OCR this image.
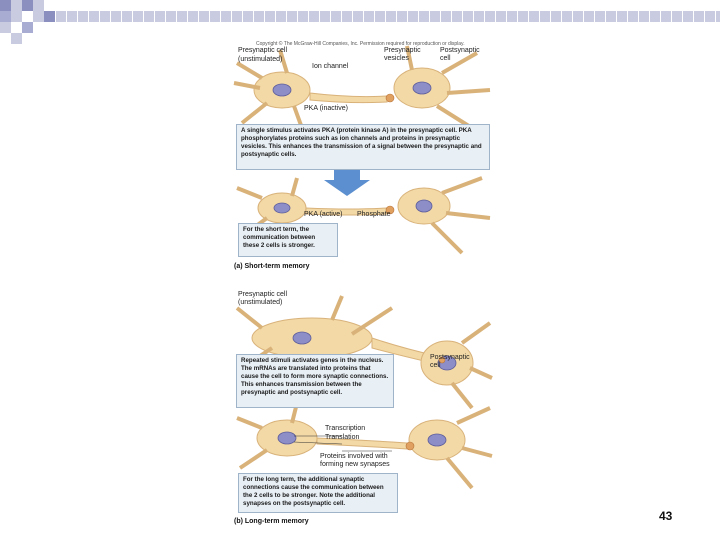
Copyright © The McGraw-Hill Companies, Inc. Permission required for reproduction or display.
Presynaptic cell
(unstimulated)
Ion channel
Presynaptic vesicles
Postsynaptic cell
PKA (inactive)
A single stimulus activates PKA (protein kinase A) in the presynaptic cell. PKA phosphorylates proteins such as ion channels and proteins in presynaptic vesicles. This enhances the transmission of a signal between the presynaptic and postsynaptic cells.
PKA (active) Phosphate
For the short term, the communication between these 2 cells is stronger.
(a) Short-term memory
Presynaptic cell
(unstimulated)
Postsynaptic cell
Repeated stimuli activates genes in the nucleus. The mRNAs are translated into proteins that cause the cell to form more synaptic connections. This enhances transmission between the presynaptic and postsynaptic cell.
Transcription
Translation
Proteins involved with forming new synapses
For the long term, the additional synaptic connections cause the communication between the 2 cells to be stronger. Note the additional synapses on the postsynaptic cell.
(b) Long-term memory	43
